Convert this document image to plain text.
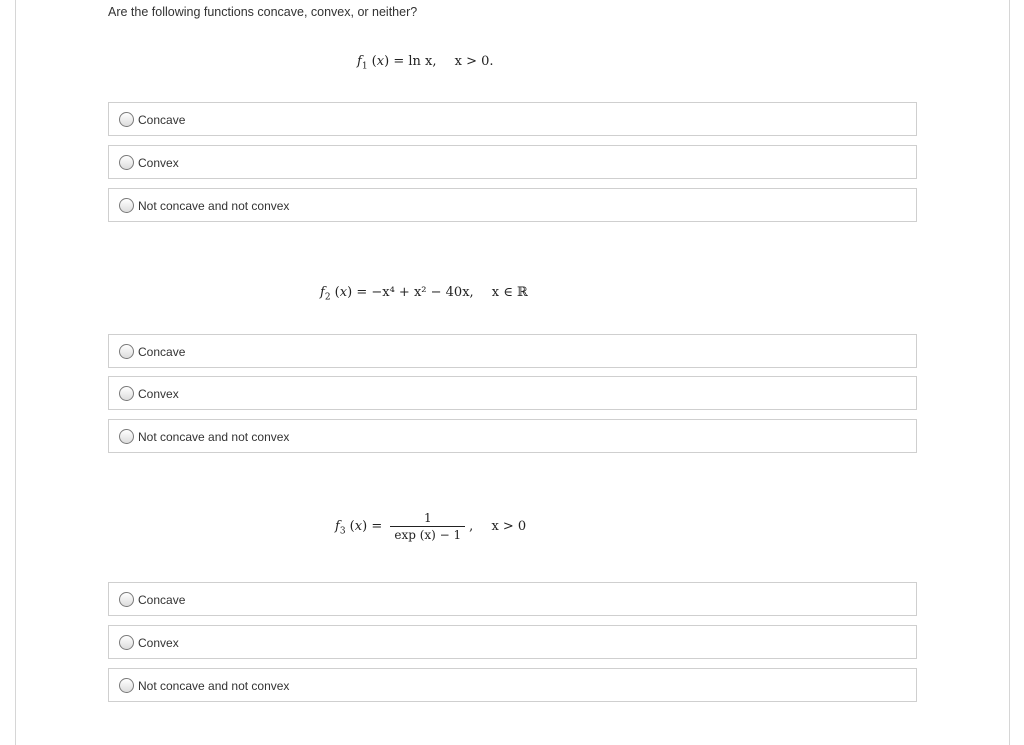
Are the following functions concave, convex, or neither?
$f_1$ (x) = ln x, x > 0.
Concave
Convex
Not concave and not convex
$f_2$ (x) = −x⁴ + x² − 40x, x ∈ ℝ
Concave
Convex
Not concave and not convex
$f_3$ $(x) = \frac{1}{\exp (x) - 1}$ , x > 0
Concave
Convex
Not concave and not convex
